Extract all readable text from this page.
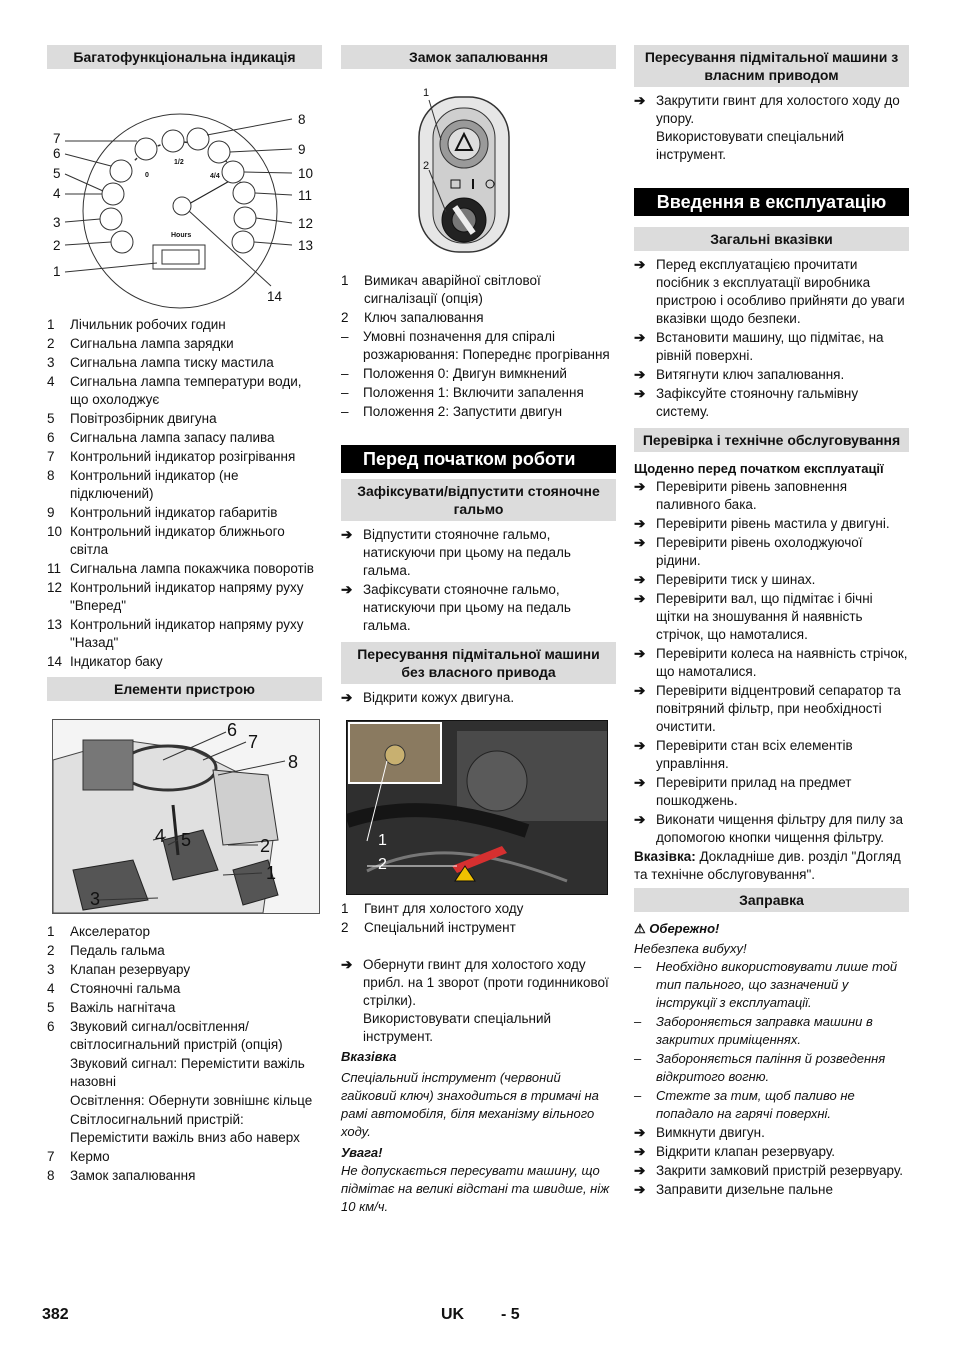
Багатофункціональна індикація
7
6
5
4
3
2
1
8
9
10
11
12
13
14
1/2
4/4
0
Hours
1 Лічильник робочих годин
2 Сигнальна лампа зарядки
3 Сигнальна лампа тиску мастила
4 Сигнальна лампа температури води, що охолоджує
5 Повітрозбірник двигуна
6 Сигнальна лампа запасу палива
7 Контрольний індикатор розігрівання
8 Контрольний індикатор (не підключений)
9 Контрольний індикатор габаритів
10 Контрольний індикатор ближнього світла
11 Сигнальна лампа покажчика поворотів
12 Контрольний індикатор напряму руху "Вперед"
13 Контрольний індикатор напряму руху "Назад"
14 Індикатор баку
Елементи пристрою
6
7
8
4 5	2
1
3
1 Акселератор
2 Педаль гальма
3 Клапан резервуару
4 Стояночні гальма
5 Важіль нагнітача
6 Звуковий сигнал/освітлення/ світлосигнальний пристрій (опція)
Звуковий сигнал: Перемістити важіль назовні
Освітлення: Обернути зовнішнє кільце
Світлосигнальний пристрій: Перемістити важіль вниз або наверх
7 Кермо
8 Замок запалювання
Замок запалювання
1
2
1 Вимикач аварійної світлової сигналізації (опція)
2 Ключ запалювання
– Умовні позначення для спіралі розжарювання: Попереднє прогрівання
– Положення 0: Двигун вимкнений
– Положення 1: Включити запалення
– Положення 2: Запустити двигун
Перед початком роботи
Зафіксувати/відпустити стояночне гальмо
➔ Відпустити стояночне гальмо, натискуючи при цьому на педаль гальма.
➔ Зафіксувати стояночне гальмо, натискуючи при цьому на педаль гальма.
Пересування підмітальної машини без власного привода
➔ Відкрити кожух двигуна.
1
2
1 Гвинт для холостого ходу
2 Спеціальний інструмент
➔ Обернути гвинт для холостого ходу прибл. на 1 зворот (проти годинникової стрілки).
Використовувати спеціальний інструмент.
Вказівка
Спеціальний інструмент (червоний гайковий ключ) знаходиться в тримачі на рамі автомобіля, біля механізму вільного ходу.
Увага!
Не допускається пересувати машину, що підмітає на великі відстані та швидше, ніж 10 км/ч.
Пересування підмітальної машини з власним приводом
➔ Закрутити гвинт для холостого ходу до упору.
Використовувати спеціальний інструмент.
Введення в експлуатацію
Загальні вказівки
➔ Перед експлуатацією прочитати посібник з експлуатації виробника пристрою і особливо прийняти до уваги вказівки щодо безпеки.
➔ Встановити машину, що підмітає, на рівній поверхні.
➔ Витягнути ключ запалювання.
➔ Зафіксуйте стояночну гальмівну систему.
Перевірка і технічне обслуговування
Щоденно перед початком експлуатації
➔ Перевірити рівень заповнення паливного бака.
➔ Перевірити рівень мастила у двигуні.
➔ Перевірити рівень охолоджуючої рідини.
➔ Перевірити тиск у шинах.
➔ Перевірити вал, що підмітає і бічні щітки на зношування й наявність стрічок, що намоталися.
➔ Перевірити колеса на наявність стрічок, що намоталися.
➔ Перевірити відцентровий сепаратор та повітряний фільтр, при необхідності очистити.
➔ Перевірити стан всіх елементів управління.
➔ Перевірити прилад на предмет пошкоджень.
➔ Виконати чищення фільтру для пилу за допомогою кнопки чищення фільтру.
Вказівка: Докладніше див. розділ "Догляд та технічне обслуговування".
Заправка
⚠ Обережно!
Небезпека вибуху!
– Необхідно використовувати лише той тип пального, що зазначений у інструкції з експлуатації.
– Забороняється заправка машини в закритих приміщеннях.
– Забороняється паління й розведення відкритого вогню.
– Стежте за тим, щоб паливо не попадало на гарячі поверхні.
➔ Вимкнути двигун.
➔ Відкрити клапан резервуару.
➔ Закрити замковий пристрій резервуару.
➔ Заправити дизельне пальне
382	UK - 5
